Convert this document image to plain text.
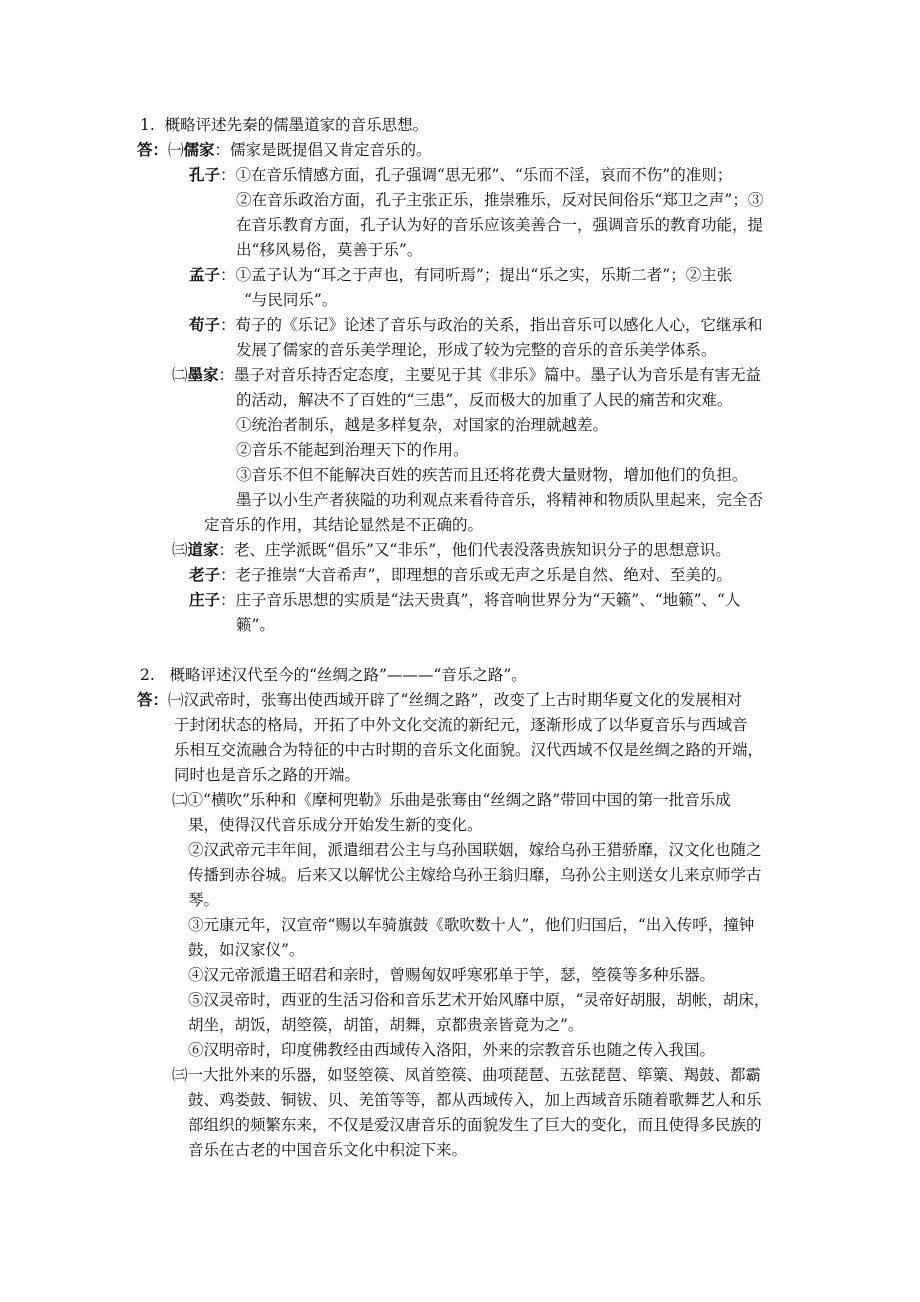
1. 概略评述先秦的儒墨道家的音乐思想。
答：㈠儒家：儒家是既提倡又肯定音乐的。
孔子：①在音乐情感方面，孔子强调“思无邪”、“乐而不淫，哀而不伤”的准则；
②在音乐政治方面，孔子主张正乐，推崇雅乐，反对民间俗乐“郑卫之声”；③
在音乐教育方面，孔子认为好的音乐应该美善合一，强调音乐的教育功能，提
出“移风易俗，莫善于乐”。
孟子：①孟子认为“耳之于声也，有同听焉”；提出“乐之实，乐斯二者”；②主张
“与民同乐”。
荀子：荀子的《乐记》论述了音乐与政治的关系，指出音乐可以感化人心，它继承和
发展了儒家的音乐美学理论，形成了较为完整的音乐的音乐美学体系。
㈡墨家：墨子对音乐持否定态度，主要见于其《非乐》篇中。墨子认为音乐是有害无益
的活动，解决不了百姓的“三患”，反而极大的加重了人民的痛苦和灾难。
①统治者制乐，越是多样复杂，对国家的治理就越差。
②音乐不能起到治理天下的作用。
③音乐不但不能解决百姓的疾苦而且还将花费大量财物，增加他们的负担。
墨子以小生产者狭隘的功利观点来看待音乐，将精神和物质队里起来，完全否
定音乐的作用，其结论显然是不正确的。
㈢道家：老、庄学派既“倡乐”又“非乐”，他们代表没落贵族知识分子的思想意识。
老子：老子推崇“大音希声”，即理想的音乐或无声之乐是自然、绝对、至美的。
庄子：庄子音乐思想的实质是“法天贵真”，将音响世界分为“天籁”、“地籁”、“人
籁”。
2. 概略评述汉代至今的“丝绸之路”———“音乐之路”。
答：㈠汉武帝时，张骞出使西域开辟了“丝绸之路”，改变了上古时期华夏文化的发展相对
于封闭状态的格局，开拓了中外文化交流的新纪元，逐渐形成了以华夏音乐与西域音
乐相互交流融合为特征的中古时期的音乐文化面貌。汉代西域不仅是丝绸之路的开端，
同时也是音乐之路的开端。
㈡①“横吹”乐种和《摩柯兜勒》乐曲是张骞由“丝绸之路”带回中国的第一批音乐成
果，使得汉代音乐成分开始发生新的变化。
②汉武帝元丰年间，派遣细君公主与乌孙国联姻，嫁给乌孙王猎骄靡，汉文化也随之
传播到赤谷城。后来又以解忧公主嫁给乌孙王翁归靡，乌孙公主则送女儿来京师学古
琴。
③元康元年，汉宣帝“赐以车骑旗鼓《歌吹数十人”，他们归国后，“出入传呼，撞钟
鼓，如汉家仪”。
④汉元帝派遣王昭君和亲时，曾赐匈奴呼寒邪单于竽，瑟，箜篌等多种乐器。
⑤汉灵帝时，西亚的生活习俗和音乐艺术开始风靡中原，“灵帝好胡服，胡帐，胡床，
胡坐，胡饭，胡箜篌，胡笛，胡舞，京都贵亲皆竟为之”。
⑥汉明帝时，印度佛教经由西域传入洛阳，外来的宗教音乐也随之传入我国。
㈢一大批外来的乐器，如竖箜篌、凤首箜篌、曲项琵琶、五弦琵琶、筚篥、羯鼓、都霸
鼓、鸡娄鼓、铜钹、贝、羌笛等等，都从西域传入，加上西域音乐随着歌舞艺人和乐
部组织的频繁东来，不仅是爱汉唐音乐的面貌发生了巨大的变化，而且使得多民族的
音乐在古老的中国音乐文化中积淀下来。
